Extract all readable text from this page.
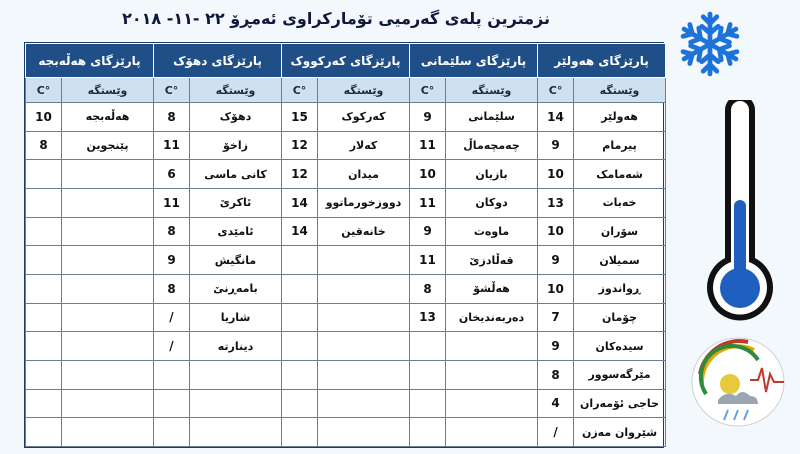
نزمترین پلەی گەرمیی تۆمارکراوی ئەمڕۆ ٢٢ -١١- ٢٠١٨
پارێزگای هەولێر		پارێزگای سلێمانی		پارێزگای کەرکووک		پارێزگای دهۆک		پارێزگای هەڵەبجە	
وێستگە	°C	وێستگە	°C	وێستگە	°C	وێستگە	°C	وێستگە	°C
هەولێر	14	سلێمانی	9	کەرکوک	15	دهۆک	8	هەڵەبجە	10
پیرمام	9	چەمچەماڵ	11	کەلار	12	زاخۆ	11	پێنجوین	8
شەمامک	10	بازیان	10	میدان	12	کانی ماسی	6		
خەبات	13	دوکان	11	دووزخورماتوو	14	ئاکرێ	11		
سۆران	10	ماوەت	9	خانەقین	14	ئامێدی	8		
سمیلان	9	قەڵادزێ	11			مانگیش	9		
ڕواندوز	10	هەڵشۆ	8			بامەڕنێ	8		
چۆمان	7	دەربەندیخان	13			شاریا	/		
سیدەکان	9					دینارتە	/		
مێرگەسوور	8								
حاجی ئۆمەران	4								
شێروان مەزن	/								
